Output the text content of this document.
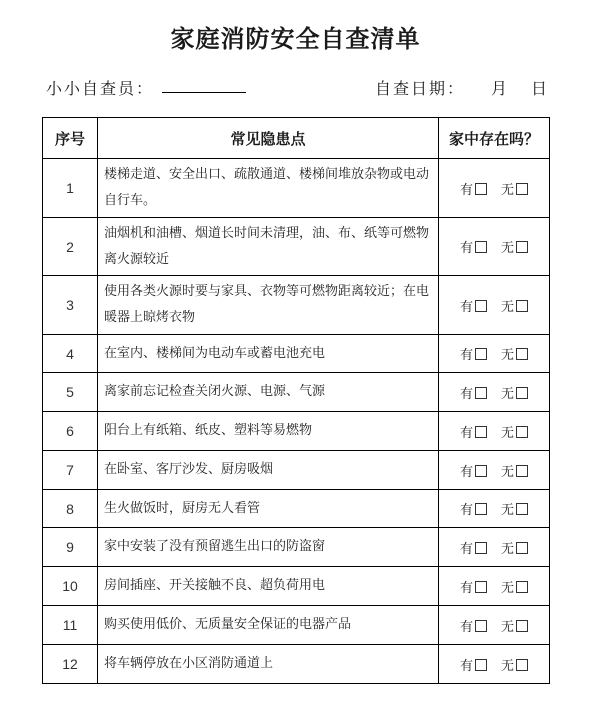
家庭消防安全自查清单
小小自查员：	自查日期： 月 日
序号	常见隐患点	家中存在吗？
1	楼梯走道、安全出口、疏散通道、楼梯间堆放杂物或电动自行车。	有 无
2	油烟机和油槽、烟道长时间未清理，油、布、纸等可燃物离火源较近	有 无
3	使用各类火源时要与家具、衣物等可燃物距离较近；在电暖器上晾烤衣物	有 无
4	在室内、楼梯间为电动车或蓄电池充电	有 无
5	离家前忘记检查关闭火源、电源、气源	有 无
6	阳台上有纸箱、纸皮、塑料等易燃物	有 无
7	在卧室、客厅沙发、厨房吸烟	有 无
8	生火做饭时，厨房无人看管	有 无
9	家中安装了没有预留逃生出口的防盗窗	有 无
10	房间插座、开关接触不良、超负荷用电	有 无
11	购买使用低价、无质量安全保证的电器产品	有 无
12	将车辆停放在小区消防通道上	有 无
